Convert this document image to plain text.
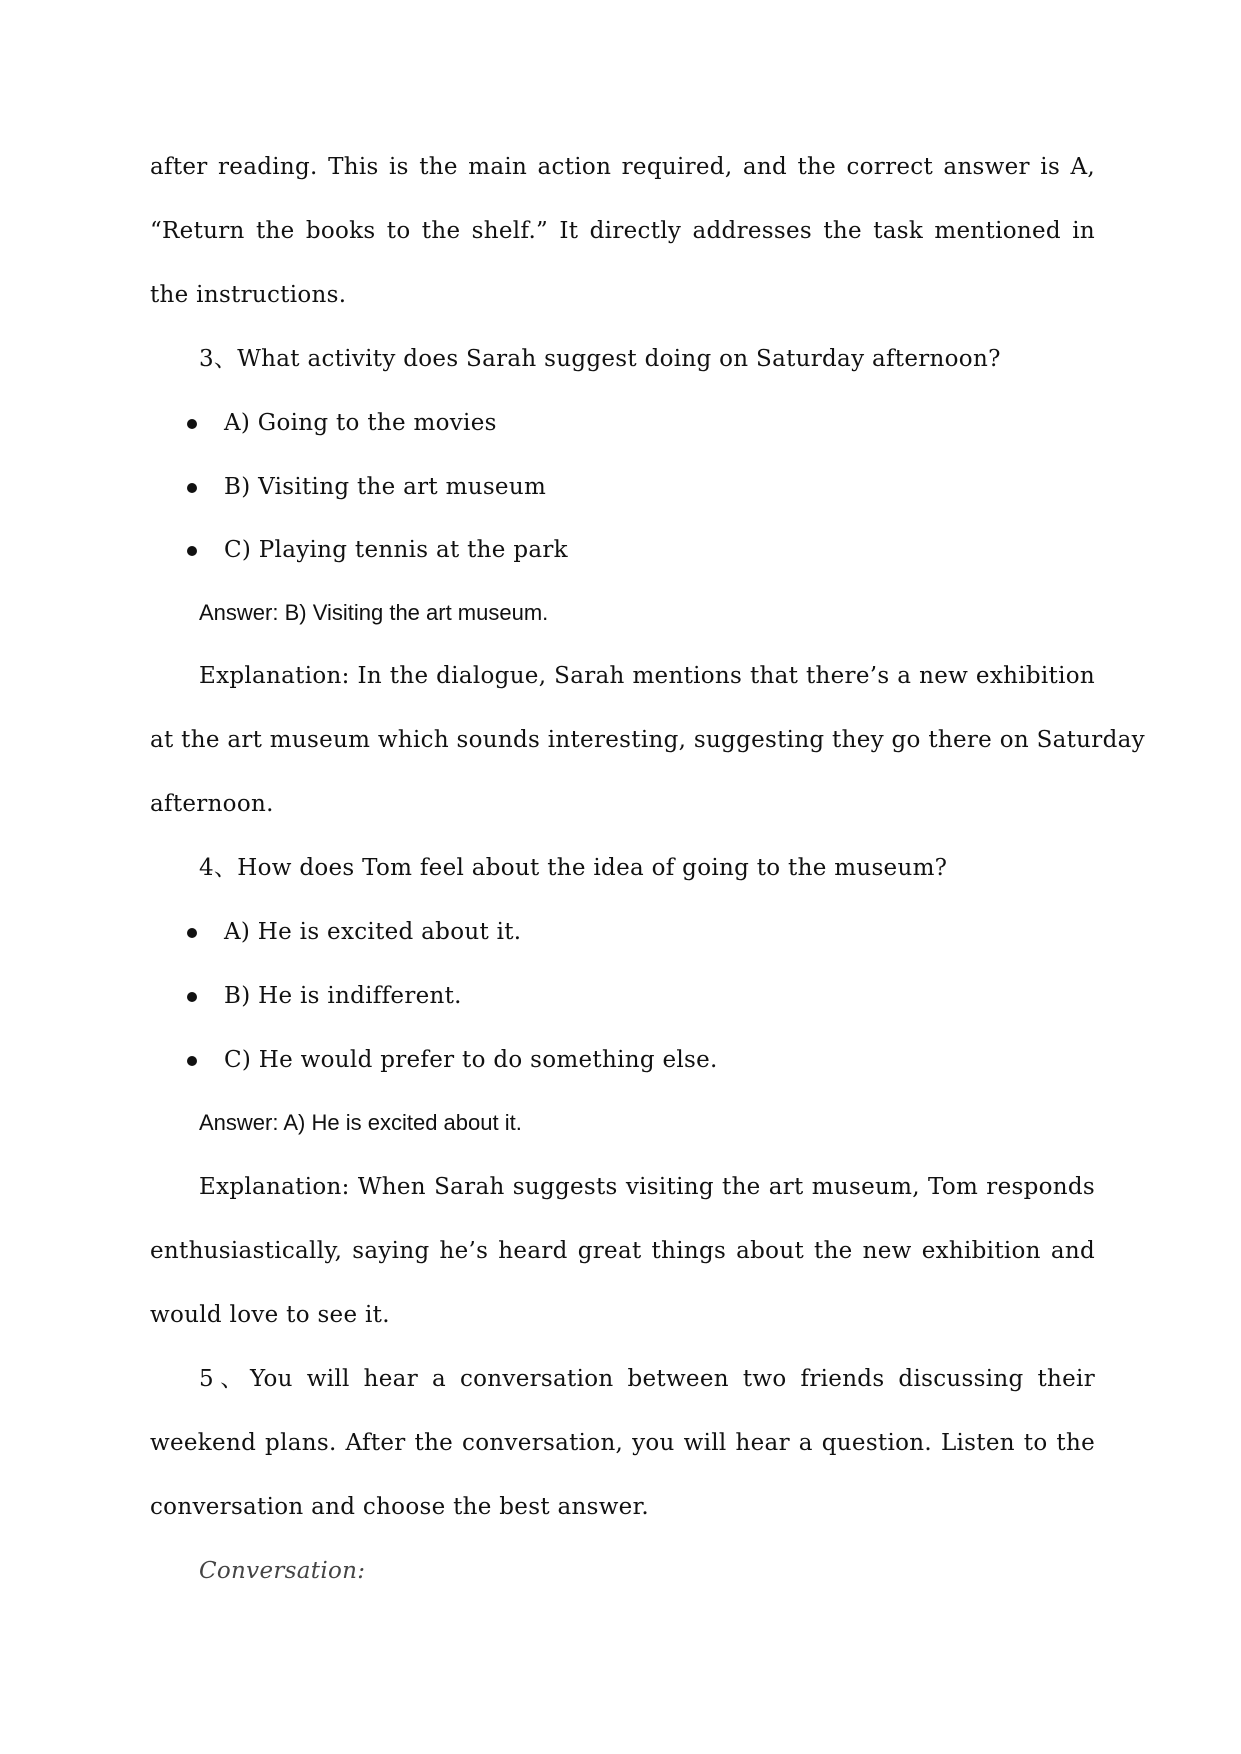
after reading. This is the main action required, and the correct answer is A,
“Return the books to the shelf.” It directly addresses the task mentioned in
the instructions.
3、What activity does Sarah suggest doing on Saturday afternoon?
A) Going to the movies
B) Visiting the art museum
C) Playing tennis at the park
Answer: B) Visiting the art museum.
Explanation: In the dialogue, Sarah mentions that there’s a new exhibition
at the art museum which sounds interesting, suggesting they go there on Saturday
afternoon.
4、How does Tom feel about the idea of going to the museum?
A) He is excited about it.
B) He is indifferent.
C) He would prefer to do something else.
Answer: A) He is excited about it.
Explanation: When Sarah suggests visiting the art museum, Tom responds
enthusiastically, saying he’s heard great things about the new exhibition and
would love to see it.
5、You will hear a conversation between two friends discussing their
weekend plans. After the conversation, you will hear a question. Listen to the
conversation and choose the best answer.
Conversation:
